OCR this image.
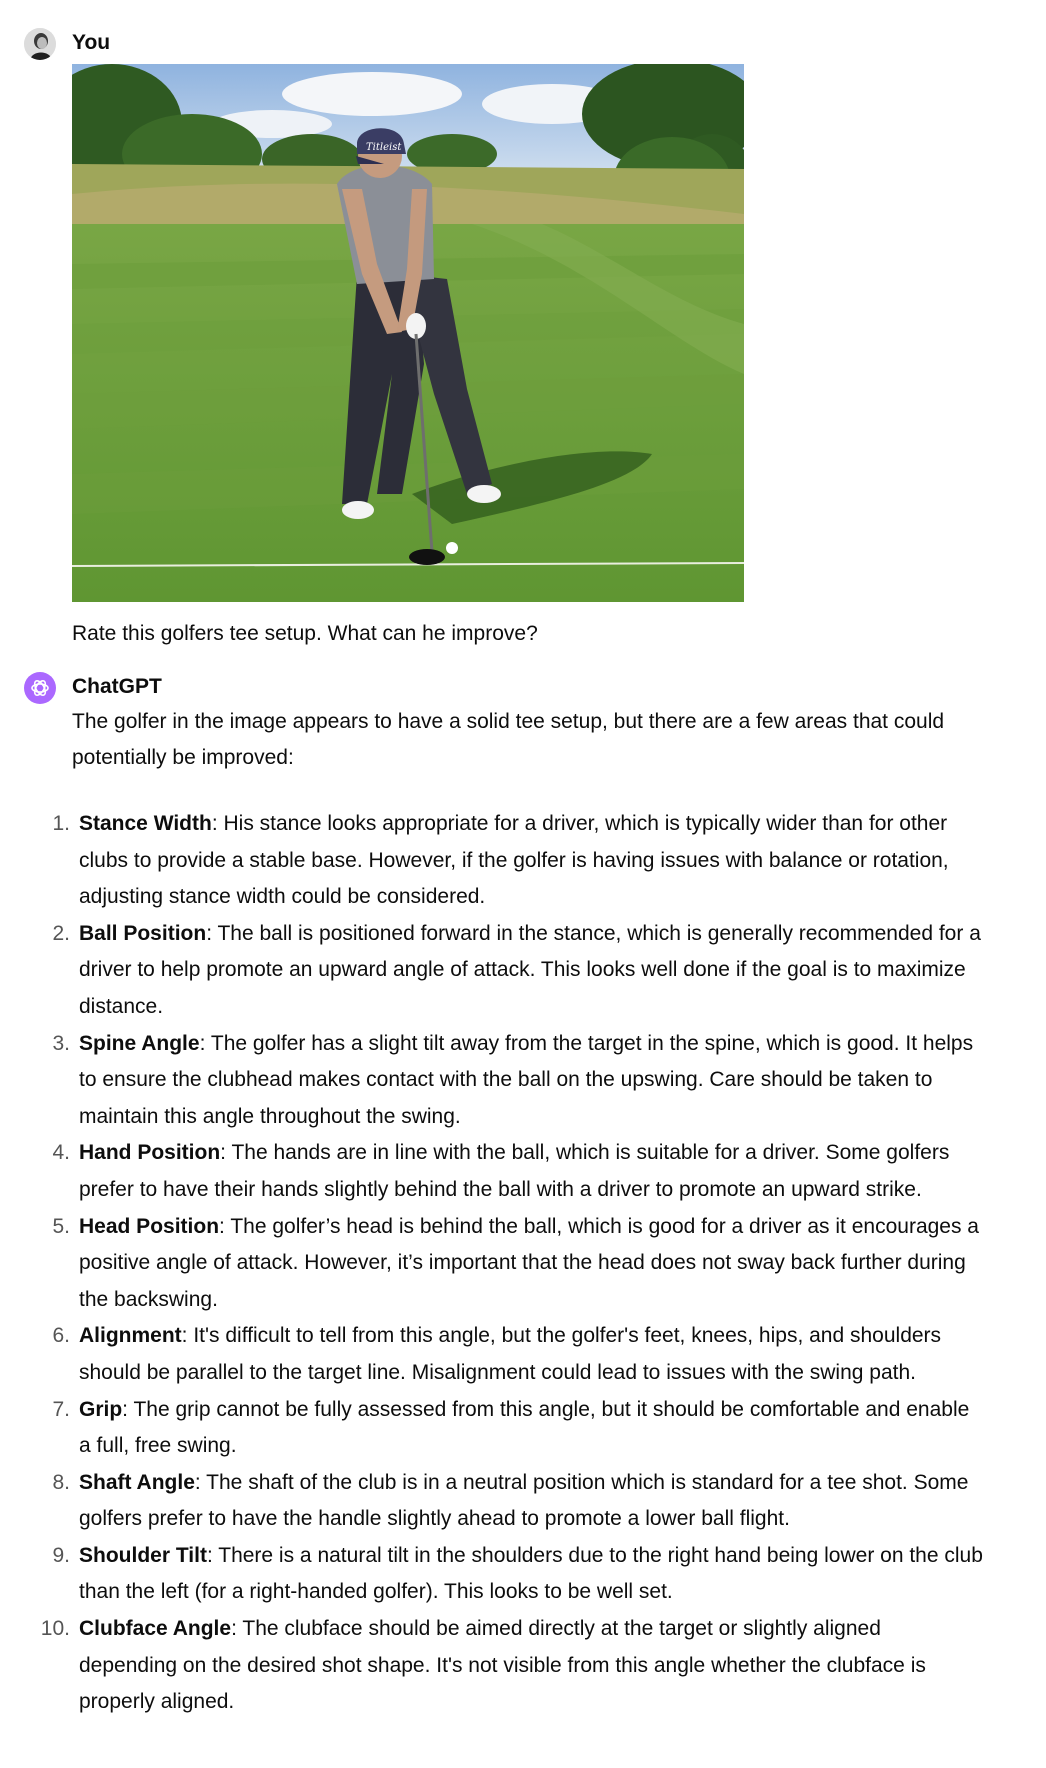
You
Titleist
Rate this golfers tee setup. What can he improve?
ChatGPT

The golfer in the image appears to have a solid tee setup, but there are a few areas that could potentially be improved:

1. Stance Width: His stance looks appropriate for a driver, which is typically wider than for other clubs to provide a stable base. However, if the golfer is having issues with balance or rotation, adjusting stance width could be considered.
2. Ball Position: The ball is positioned forward in the stance, which is generally recommended for a driver to help promote an upward angle of attack. This looks well done if the goal is to maximize distance.
3. Spine Angle: The golfer has a slight tilt away from the target in the spine, which is good. It helps to ensure the clubhead makes contact with the ball on the upswing. Care should be taken to maintain this angle throughout the swing.
4. Hand Position: The hands are in line with the ball, which is suitable for a driver. Some golfers prefer to have their hands slightly behind the ball with a driver to promote an upward strike.
5. Head Position: The golfer’s head is behind the ball, which is good for a driver as it encourages a positive angle of attack. However, it’s important that the head does not sway back further during the backswing.
6. Alignment: It's difficult to tell from this angle, but the golfer's feet, knees, hips, and shoulders should be parallel to the target line. Misalignment could lead to issues with the swing path.
7. Grip: The grip cannot be fully assessed from this angle, but it should be comfortable and enable a full, free swing.
8. Shaft Angle: The shaft of the club is in a neutral position which is standard for a tee shot. Some golfers prefer to have the handle slightly ahead to promote a lower ball flight.
9. Shoulder Tilt: There is a natural tilt in the shoulders due to the right hand being lower on the club than the left (for a right-handed golfer). This looks to be well set.
10. Clubface Angle: The clubface should be aimed directly at the target or slightly aligned depending on the desired shot shape. It's not visible from this angle whether the clubface is properly aligned.
